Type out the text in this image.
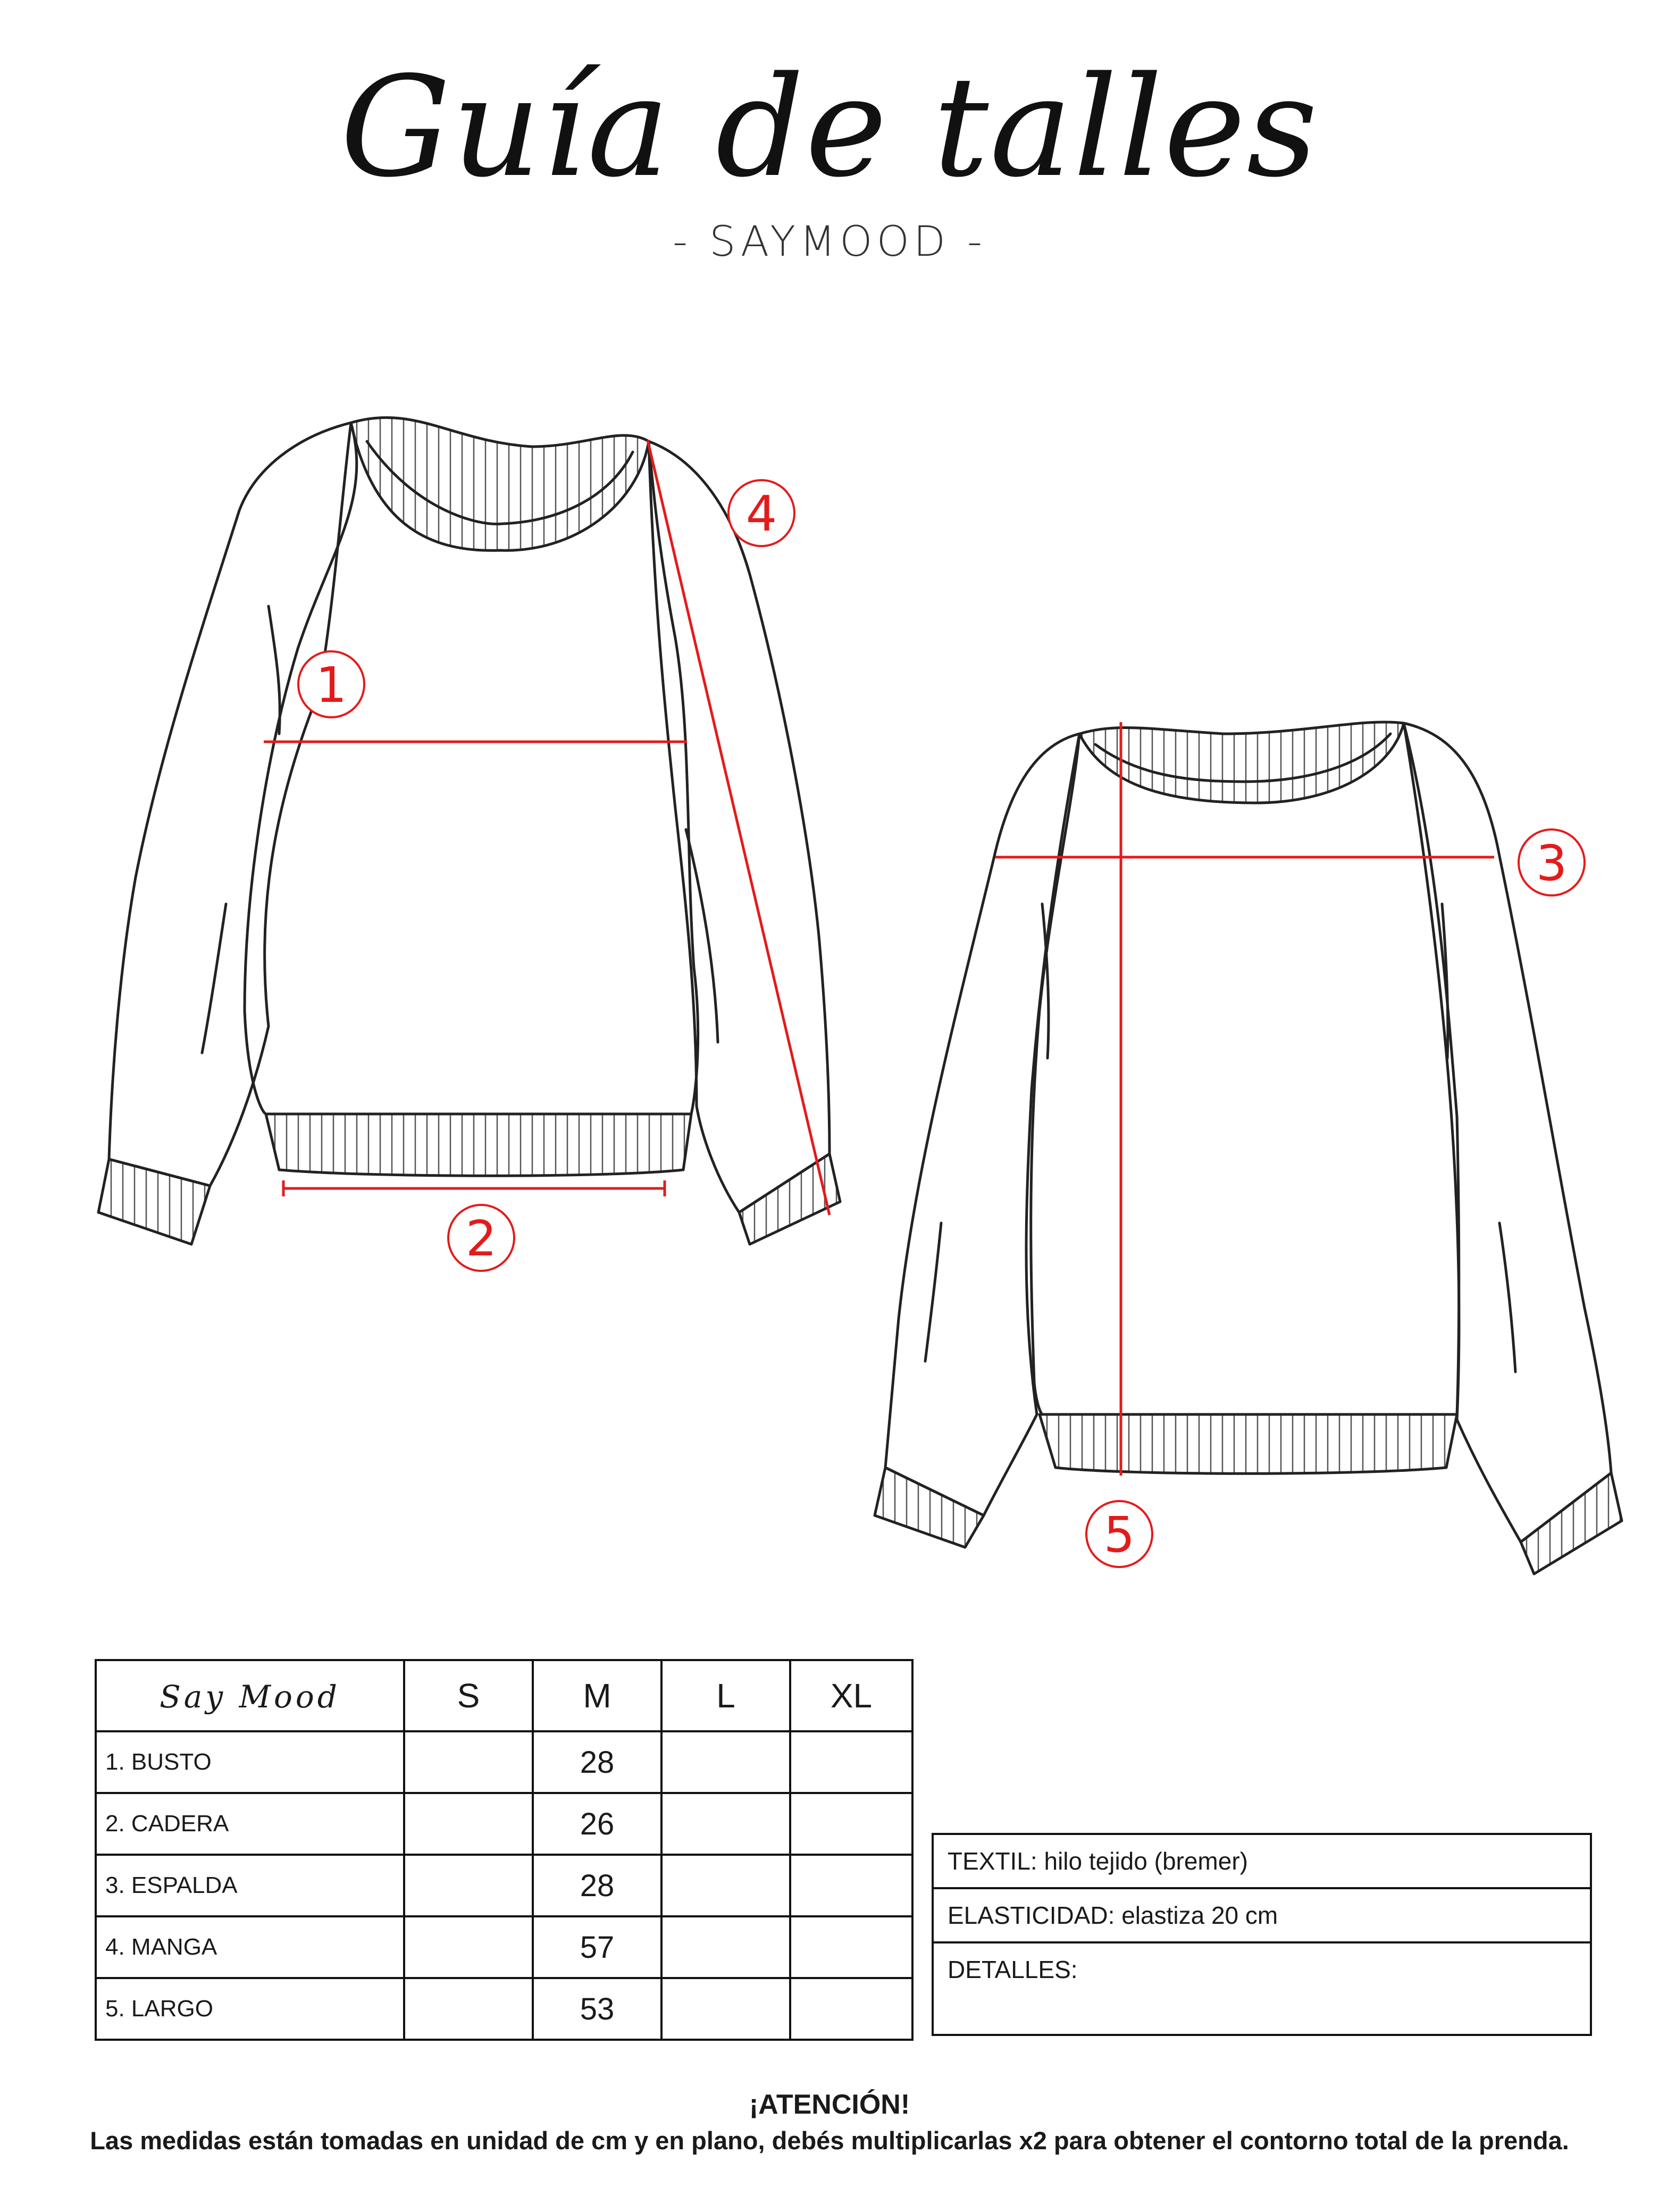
Guía de talles
- SAYMOOD -
1
2
3
4
5
Say Mood	S	M	L	XL
1. BUSTO		28		
2. CADERA		26		
3. ESPALDA		28		
4. MANGA		57		
5. LARGO		53		
TEXTIL: hilo tejido (bremer)
ELASTICIDAD: elastiza 20 cm
DETALLES:
¡ATENCIÓN!
Las medidas están tomadas en unidad de cm y en plano, debés multiplicarlas x2 para obtener el contorno total de la prenda.
